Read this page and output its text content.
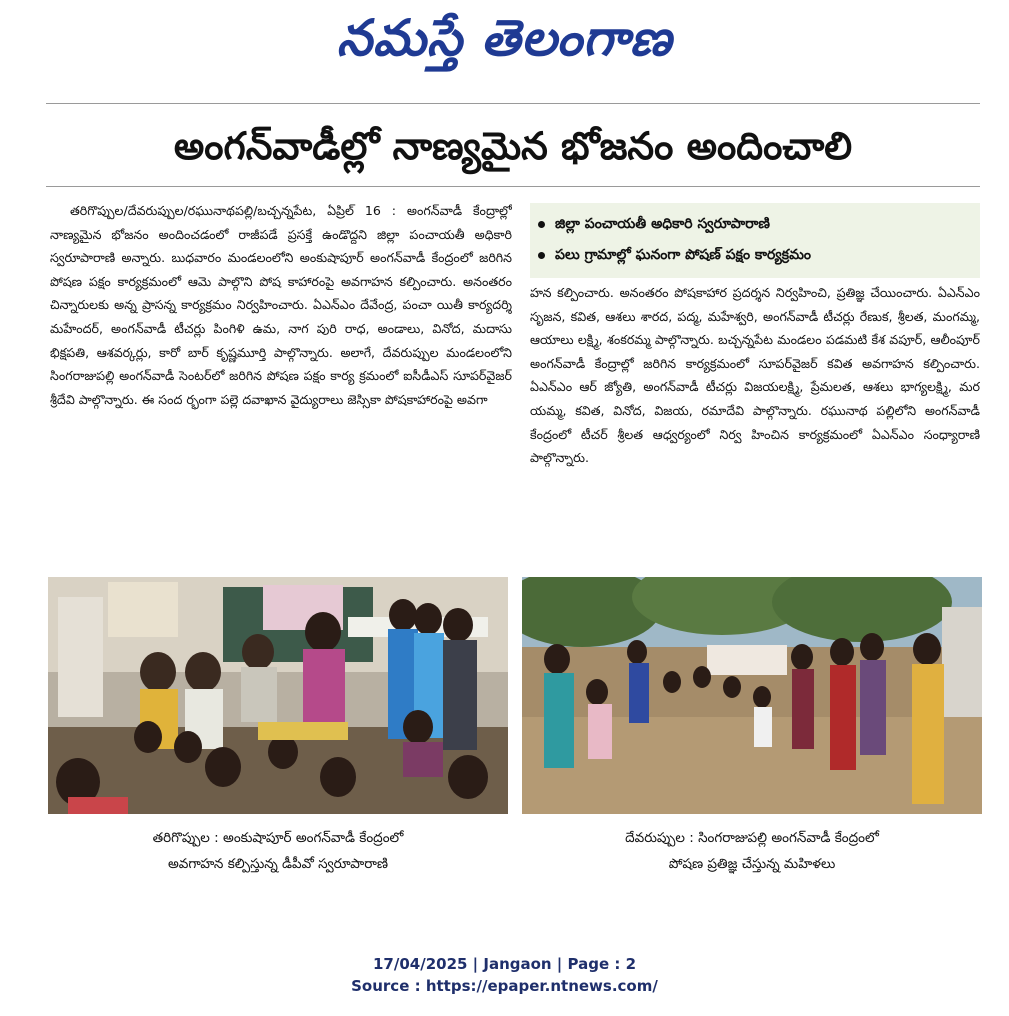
నమస్తే తెలంగాణ
అంగన్‌వాడీల్లో నాణ్యమైన భోజనం అందించాలి

తరిగొప్పుల/దేవరుప్పుల/రఘునాథపల్లి/బచ్చన్నపేట, ఏప్రిల్ 16 : అంగన్‌వాడీ కేంద్రాల్లో నాణ్యమైన భోజనం అందించడంలో రాజీపడే ప్రసక్తే ఉండొద్దని జిల్లా పంచాయతీ అధికారి స్వరూపారాణి అన్నారు. బుధవారం మండలంలోని అంకుషాపూర్ అంగన్‌వాడీ కేంద్రంలో జరిగిన పోషణ పక్షం కార్యక్రమంలో ఆమె పాల్గొని పోష కాహారంపై అవగాహన కల్పించారు. అనంతరం చిన్నారులకు అన్న ప్రాసన్న కార్యక్రమం నిర్వహించారు. ఏఎన్ఎం దేవేంద్ర, పంచా యితీ కార్యదర్శి మహేందర్, అంగన్‌వాడీ టీచర్లు పింగిళి ఉమ, నాగ పురి రాధ, అండాలు, వినోద, మదాసు భిక్షపతి, ఆశవర్కర్లు, కారో బార్ కృష్ణమూర్తి పాల్గొన్నారు. అలాగే, దేవరుప్పుల మండలంలోని సింగరాజుపల్లి అంగన్‌వాడీ సెంటర్‌లో జరిగిన పోషణ పక్షం కార్య క్రమంలో ఐసీడీఎస్ సూపర్‌వైజర్ శ్రీదేవి పాల్గొన్నారు. ఈ సంద ర్భంగా పల్లె దవాఖాన వైద్యురాలు జెస్సికా పోషకాహారంపై అవగా

జిల్లా పంచాయతీ అధికారి స్వరూపారాణి
పలు గ్రామాల్లో ఘనంగా పోషణ్ పక్షం కార్యక్రమం

హన కల్పించారు. అనంతరం పోషకాహార ప్రదర్శన నిర్వహించి, ప్రతిజ్ఞ చేయించారు. ఏఎన్ఎం సృజన, కవిత, ఆశలు శారద, పద్మ, మహేశ్వరి, అంగన్‌వాడీ టీచర్లు రేణుక, శ్రీలత, మంగమ్మ, ఆయాలు లక్ష్మి, శంకరమ్మ పాల్గొన్నారు. బచ్చన్నపేట మండలం పడమటి కేశ వపూర్, ఆలీంపూర్ అంగన్‌వాడీ కేంద్రాల్లో జరిగిన కార్యక్రమంలో సూపర్‌వైజర్ కవిత అవగాహన కల్పించారు. ఏఎన్ఎం ఆర్ జ్యోతి, అంగన్‌వాడీ టీచర్లు విజయలక్ష్మి, ప్రేమలత, ఆశలు భాగ్యలక్ష్మి, మర యమ్మ, కవిత, వినోద, విజయ, రమాదేవి పాల్గొన్నారు. రఘునాథ పల్లిలోని అంగన్‌వాడీ కేంద్రంలో టీచర్ శ్రీలత ఆధ్వర్యంలో నిర్వ హించిన కార్యక్రమంలో ఏఎన్ఎం సంధ్యారాణి పాల్గొన్నారు.

తరిగొప్పుల : అంకుషాపూర్ అంగన్‌వాడీ కేంద్రంలో
అవగాహన కల్పిస్తున్న డీపీవో స్వరూపారాణి
దేవరుప్పుల : సింగరాజుపల్లి అంగన్‌వాడీ కేంద్రంలో
పోషణ ప్రతిజ్ఞ చేస్తున్న మహిళలు
17/04/2025 | Jangaon | Page : 2
Source : https://epaper.ntnews.com/
